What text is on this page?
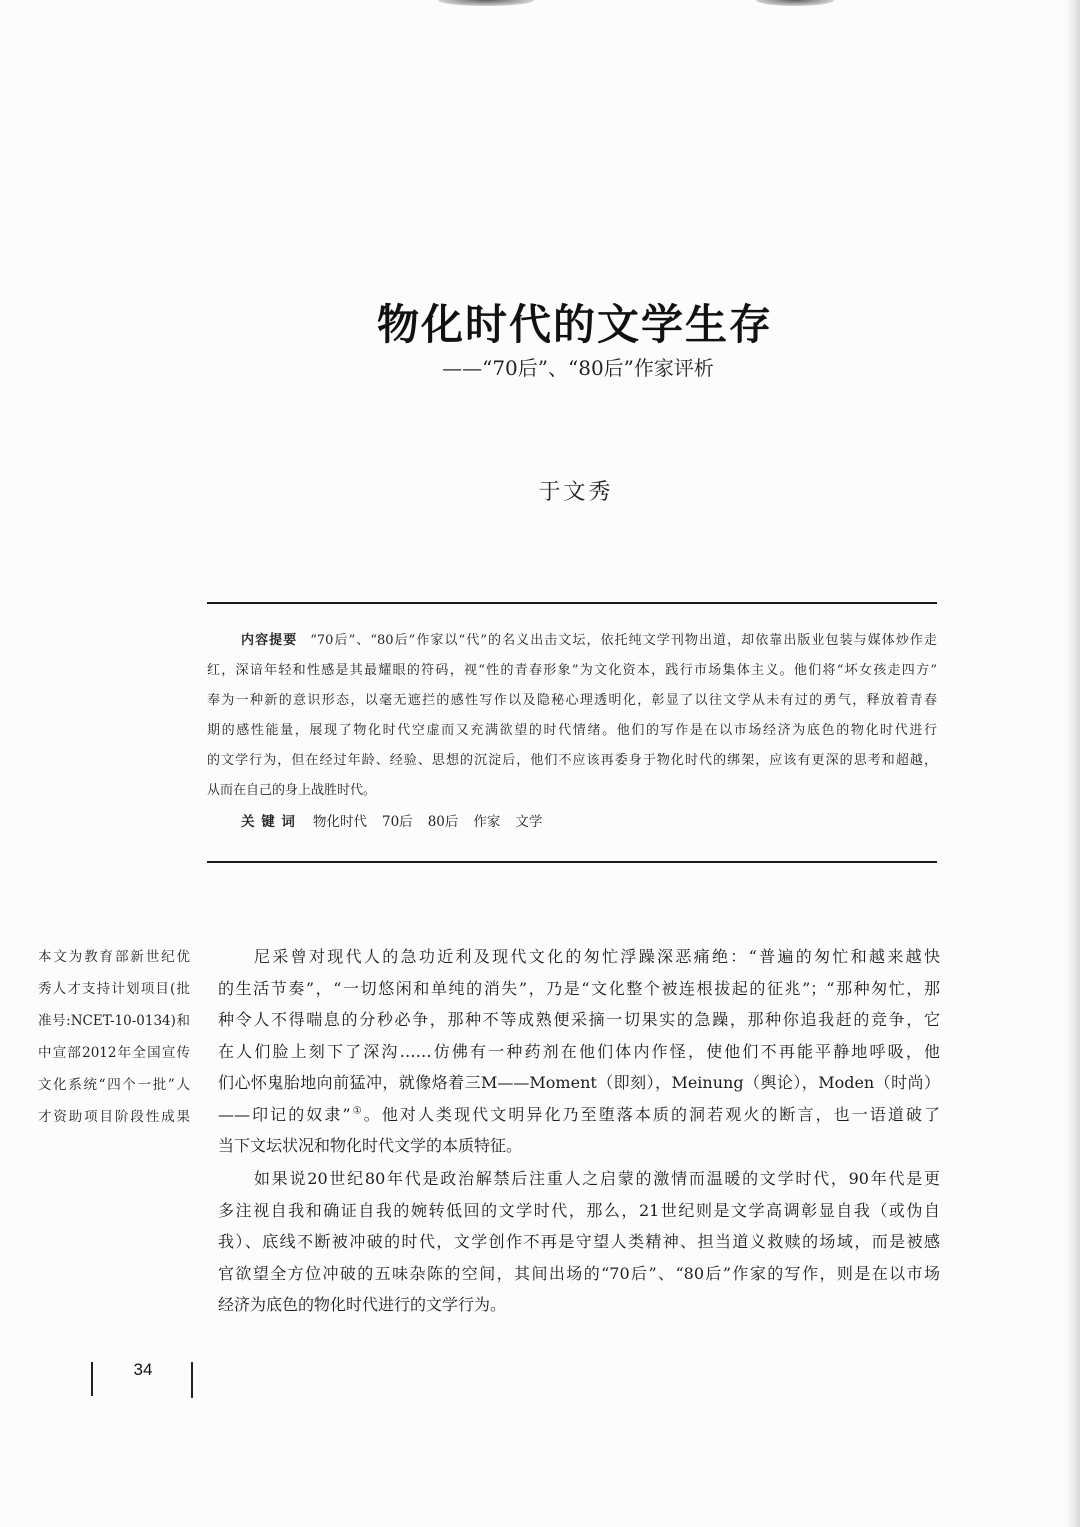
物化时代的文学生存
——“70后”、“80后”作家评析
于文秀
内容提要 “70后”、“80后”作家以“代”的名义出击文坛，依托纯文学刊物出道，却依靠出版业包装与媒体炒作走
红，深谙年轻和性感是其最耀眼的符码，视“性的青春形象”为文化资本，践行市场集体主义。他们将“坏女孩走四方”
奉为一种新的意识形态，以毫无遮拦的感性写作以及隐秘心理透明化，彰显了以往文学从未有过的勇气，释放着青春
期的感性能量，展现了物化时代空虚而又充满欲望的时代情绪。他们的写作是在以市场经济为底色的物化时代进行
的文学行为，但在经过年龄、经验、思想的沉淀后，他们不应该再委身于物化时代的绑架，应该有更深的思考和超越，
从而在自己的身上战胜时代。
关 键 词 物化时代 70后 80后 作家 文学
本文为教育部新世纪优
秀人才支持计划项目(批
准号:NCET-10-0134)和
中宣部2012年全国宣传
文化系统“四个一批”人
才资助项目阶段性成果
尼采曾对现代人的急功近利及现代文化的匆忙浮躁深恶痛绝：“普遍的匆忙和越来越快
的生活节奏”，“一切悠闲和单纯的消失”，乃是“文化整个被连根拔起的征兆”；“那种匆忙，那
种令人不得喘息的分秒必争，那种不等成熟便采摘一切果实的急躁，那种你追我赶的竞争，它
在人们脸上刻下了深沟……仿佛有一种药剂在他们体内作怪，使他们不再能平静地呼吸，他
们心怀鬼胎地向前猛冲，就像烙着三M——Moment（即刻），Meinung（舆论），Moden（时尚）
——印记的奴隶”①。他对人类现代文明异化乃至堕落本质的洞若观火的断言，也一语道破了
当下文坛状况和物化时代文学的本质特征。
如果说20世纪80年代是政治解禁后注重人之启蒙的激情而温暖的文学时代，90年代是更
多注视自我和确证自我的婉转低回的文学时代，那么，21世纪则是文学高调彰显自我（或伪自
我）、底线不断被冲破的时代，文学创作不再是守望人类精神、担当道义救赎的场域，而是被感
官欲望全方位冲破的五味杂陈的空间，其间出场的“70后”、“80后”作家的写作，则是在以市场
经济为底色的物化时代进行的文学行为。
34
